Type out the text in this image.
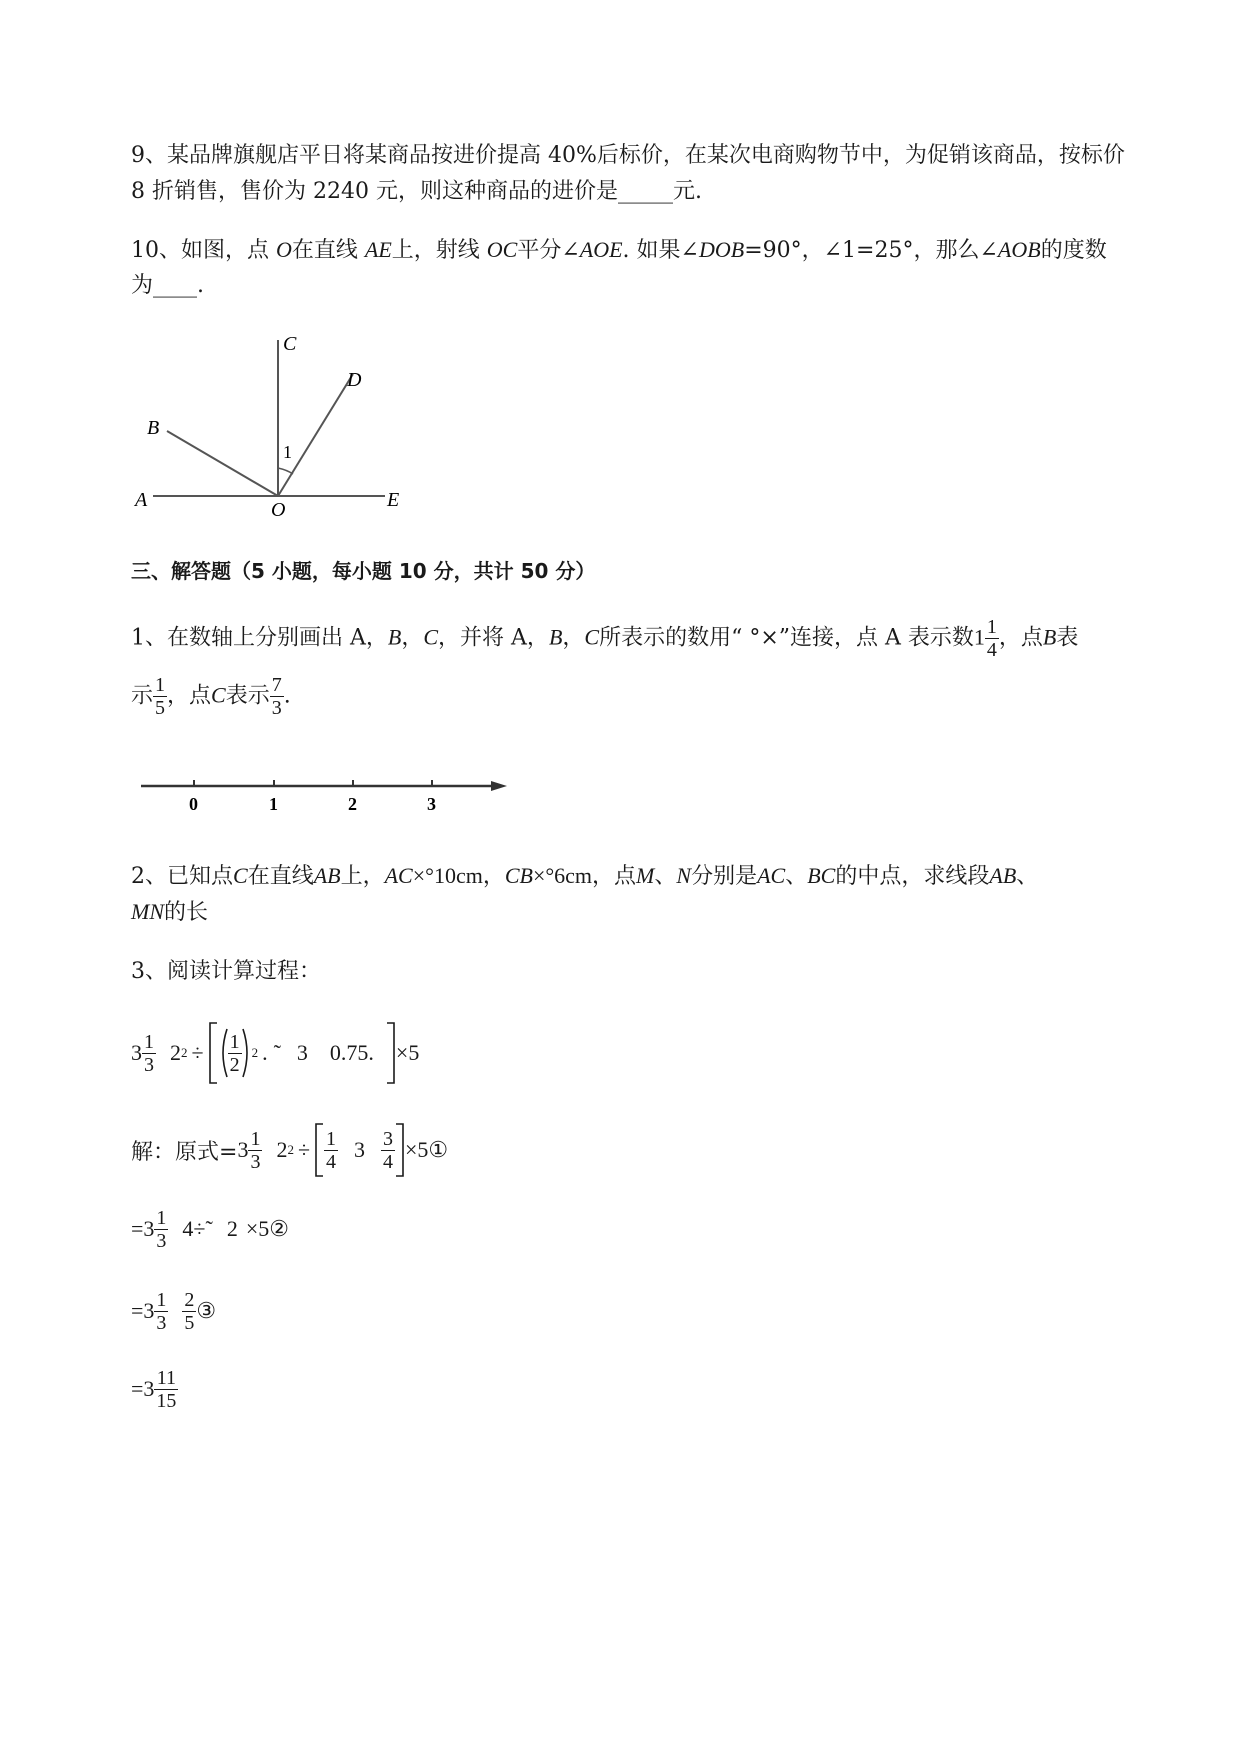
9、某品牌旗舰店平日将某商品按进价提高 40%后标价，在某次电商购物节中，为促销该商品，按标价
8 折销售，售价为 2240 元，则这种商品的进价是_____元.
10、如图，点 O在直线 AE上，射线 OC平分∠AOE. 如果∠DOB=90°，∠1=25°，那么∠AOB的度数
为____.
1
C
D
B
A	E
O
三、解答题（5 小题，每小题 10 分，共计 50 分）
1、在数轴上分别画出 A，B，C，并将 A，B，C所表示的数用“ °×”连接，点 A 表示数$1 \frac{1}{4}$ ，点B表
示 $\frac{1}{5}$ ，点C表示 $\frac{7}{3}$ .
0	1	2	3
2、已知点C在直线AB上，AC×°10cm，CB×°6cm，点M、N分别是AC、BC的中点，求线段AB、
MN的长
3、阅读计算过程：
$3 \frac{1}{3} 2$ $2 \div \frac{1}{2} 2$ . ˜ 3 0.75 . ×5
解：原式= $3 \frac{1}{3} 2$ $2 \div \frac{1}{4} 3 \frac{3}{4}$ ×5①
= $3 \frac{1}{3}$ 4÷˜ 2 ×5②
= $3 \frac{1}{3} \frac{2}{5}$ ③
= $3 \frac{11}{15}$
